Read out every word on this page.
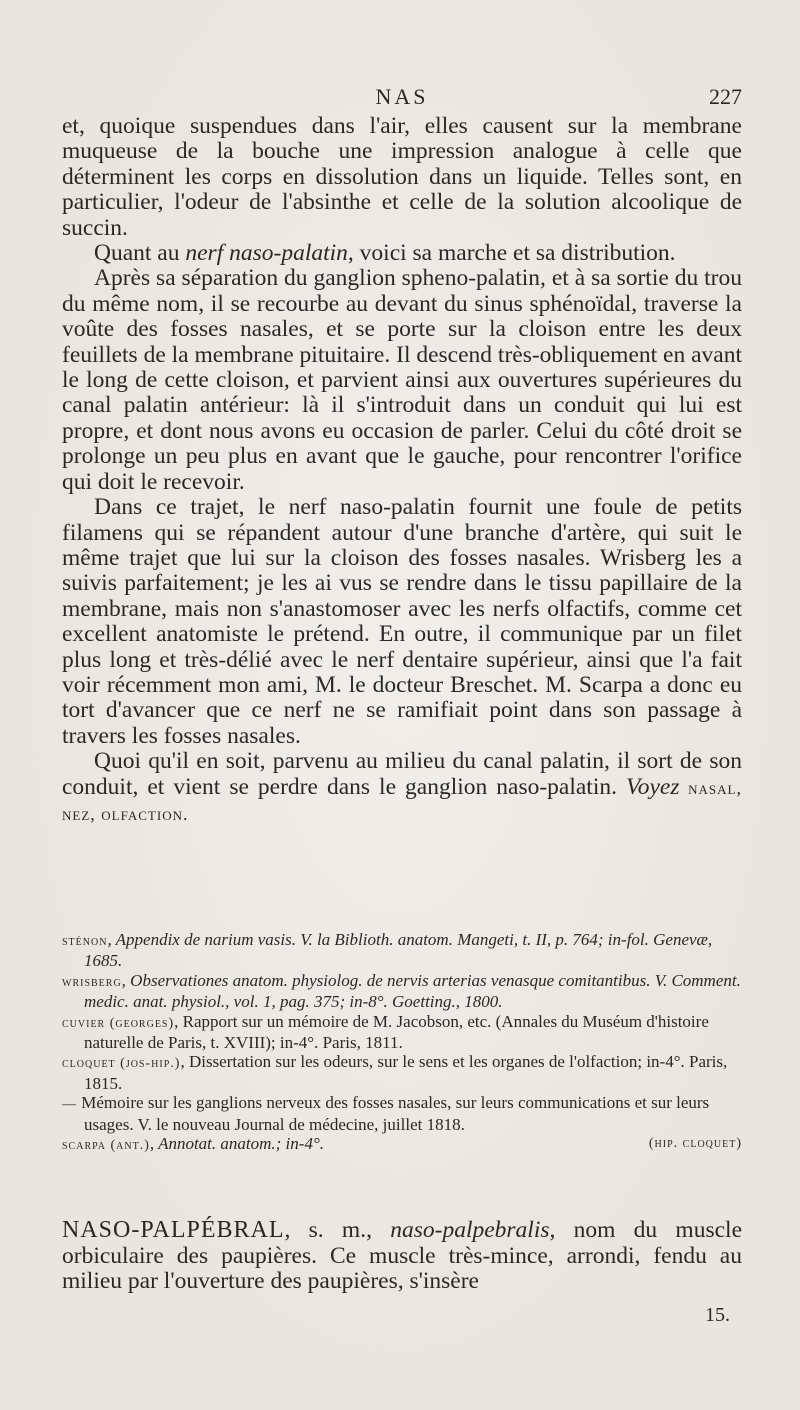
NAS	227

et, quoique suspendues dans l'air, elles causent sur la membrane muqueuse de la bouche une impression analogue à celle que déterminent les corps en dissolution dans un liquide. Telles sont, en particulier, l'odeur de l'absinthe et celle de la solution alcoolique de succin.

Quant au nerf naso-palatin, voici sa marche et sa distribution.

Après sa séparation du ganglion spheno-palatin, et à sa sortie du trou du même nom, il se recourbe au devant du sinus sphénoïdal, traverse la voûte des fosses nasales, et se porte sur la cloison entre les deux feuillets de la membrane pituitaire. Il descend très-obliquement en avant le long de cette cloison, et parvient ainsi aux ouvertures supérieures du canal palatin antérieur: là il s'introduit dans un conduit qui lui est propre, et dont nous avons eu occasion de parler. Celui du côté droit se prolonge un peu plus en avant que le gauche, pour rencontrer l'orifice qui doit le recevoir.

Dans ce trajet, le nerf naso-palatin fournit une foule de petits filamens qui se répandent autour d'une branche d'artère, qui suit le même trajet que lui sur la cloison des fosses nasales. Wrisberg les a suivis parfaitement; je les ai vus se rendre dans le tissu papillaire de la membrane, mais non s'anastomoser avec les nerfs olfactifs, comme cet excellent anatomiste le prétend. En outre, il communique par un filet plus long et très-délié avec le nerf dentaire supérieur, ainsi que l'a fait voir récemment mon ami, M. le docteur Breschet. M. Scarpa a donc eu tort d'avancer que ce nerf ne se ramifiait point dans son passage à travers les fosses nasales.

Quoi qu'il en soit, parvenu au milieu du canal palatin, il sort de son conduit, et vient se perdre dans le ganglion naso-palatin. Voyez nasal, nez, olfaction.

sténon, Appendix de narium vasis. V. la Biblioth. anatom. Mangeti, t. II, p. 764; in-fol. Genevæ, 1685.

wrisberg, Observationes anatom. physiolog. de nervis arterias venasque comitantibus. V. Comment. medic. anat. physiol., vol. 1, pag. 375; in-8°. Goetting., 1800.

cuvier (georges), Rapport sur un mémoire de M. Jacobson, etc. (Annales du Muséum d'histoire naturelle de Paris, t. XVIII); in-4°. Paris, 1811.

cloquet (jos-hip.), Dissertation sur les odeurs, sur le sens et les organes de l'olfaction; in-4°. Paris, 1815.

— Mémoire sur les ganglions nerveux des fosses nasales, sur leurs communications et sur leurs usages. V. le nouveau Journal de médecine, juillet 1818.

(hip. cloquet)
scarpa (ant.), Annotat. anatom.; in-4°.

NASO-PALPÉBRAL, s. m., naso-palpebralis, nom du muscle orbiculaire des paupières. Ce muscle très-mince, arrondi, fendu au milieu par l'ouverture des paupières, s'insère
15.
